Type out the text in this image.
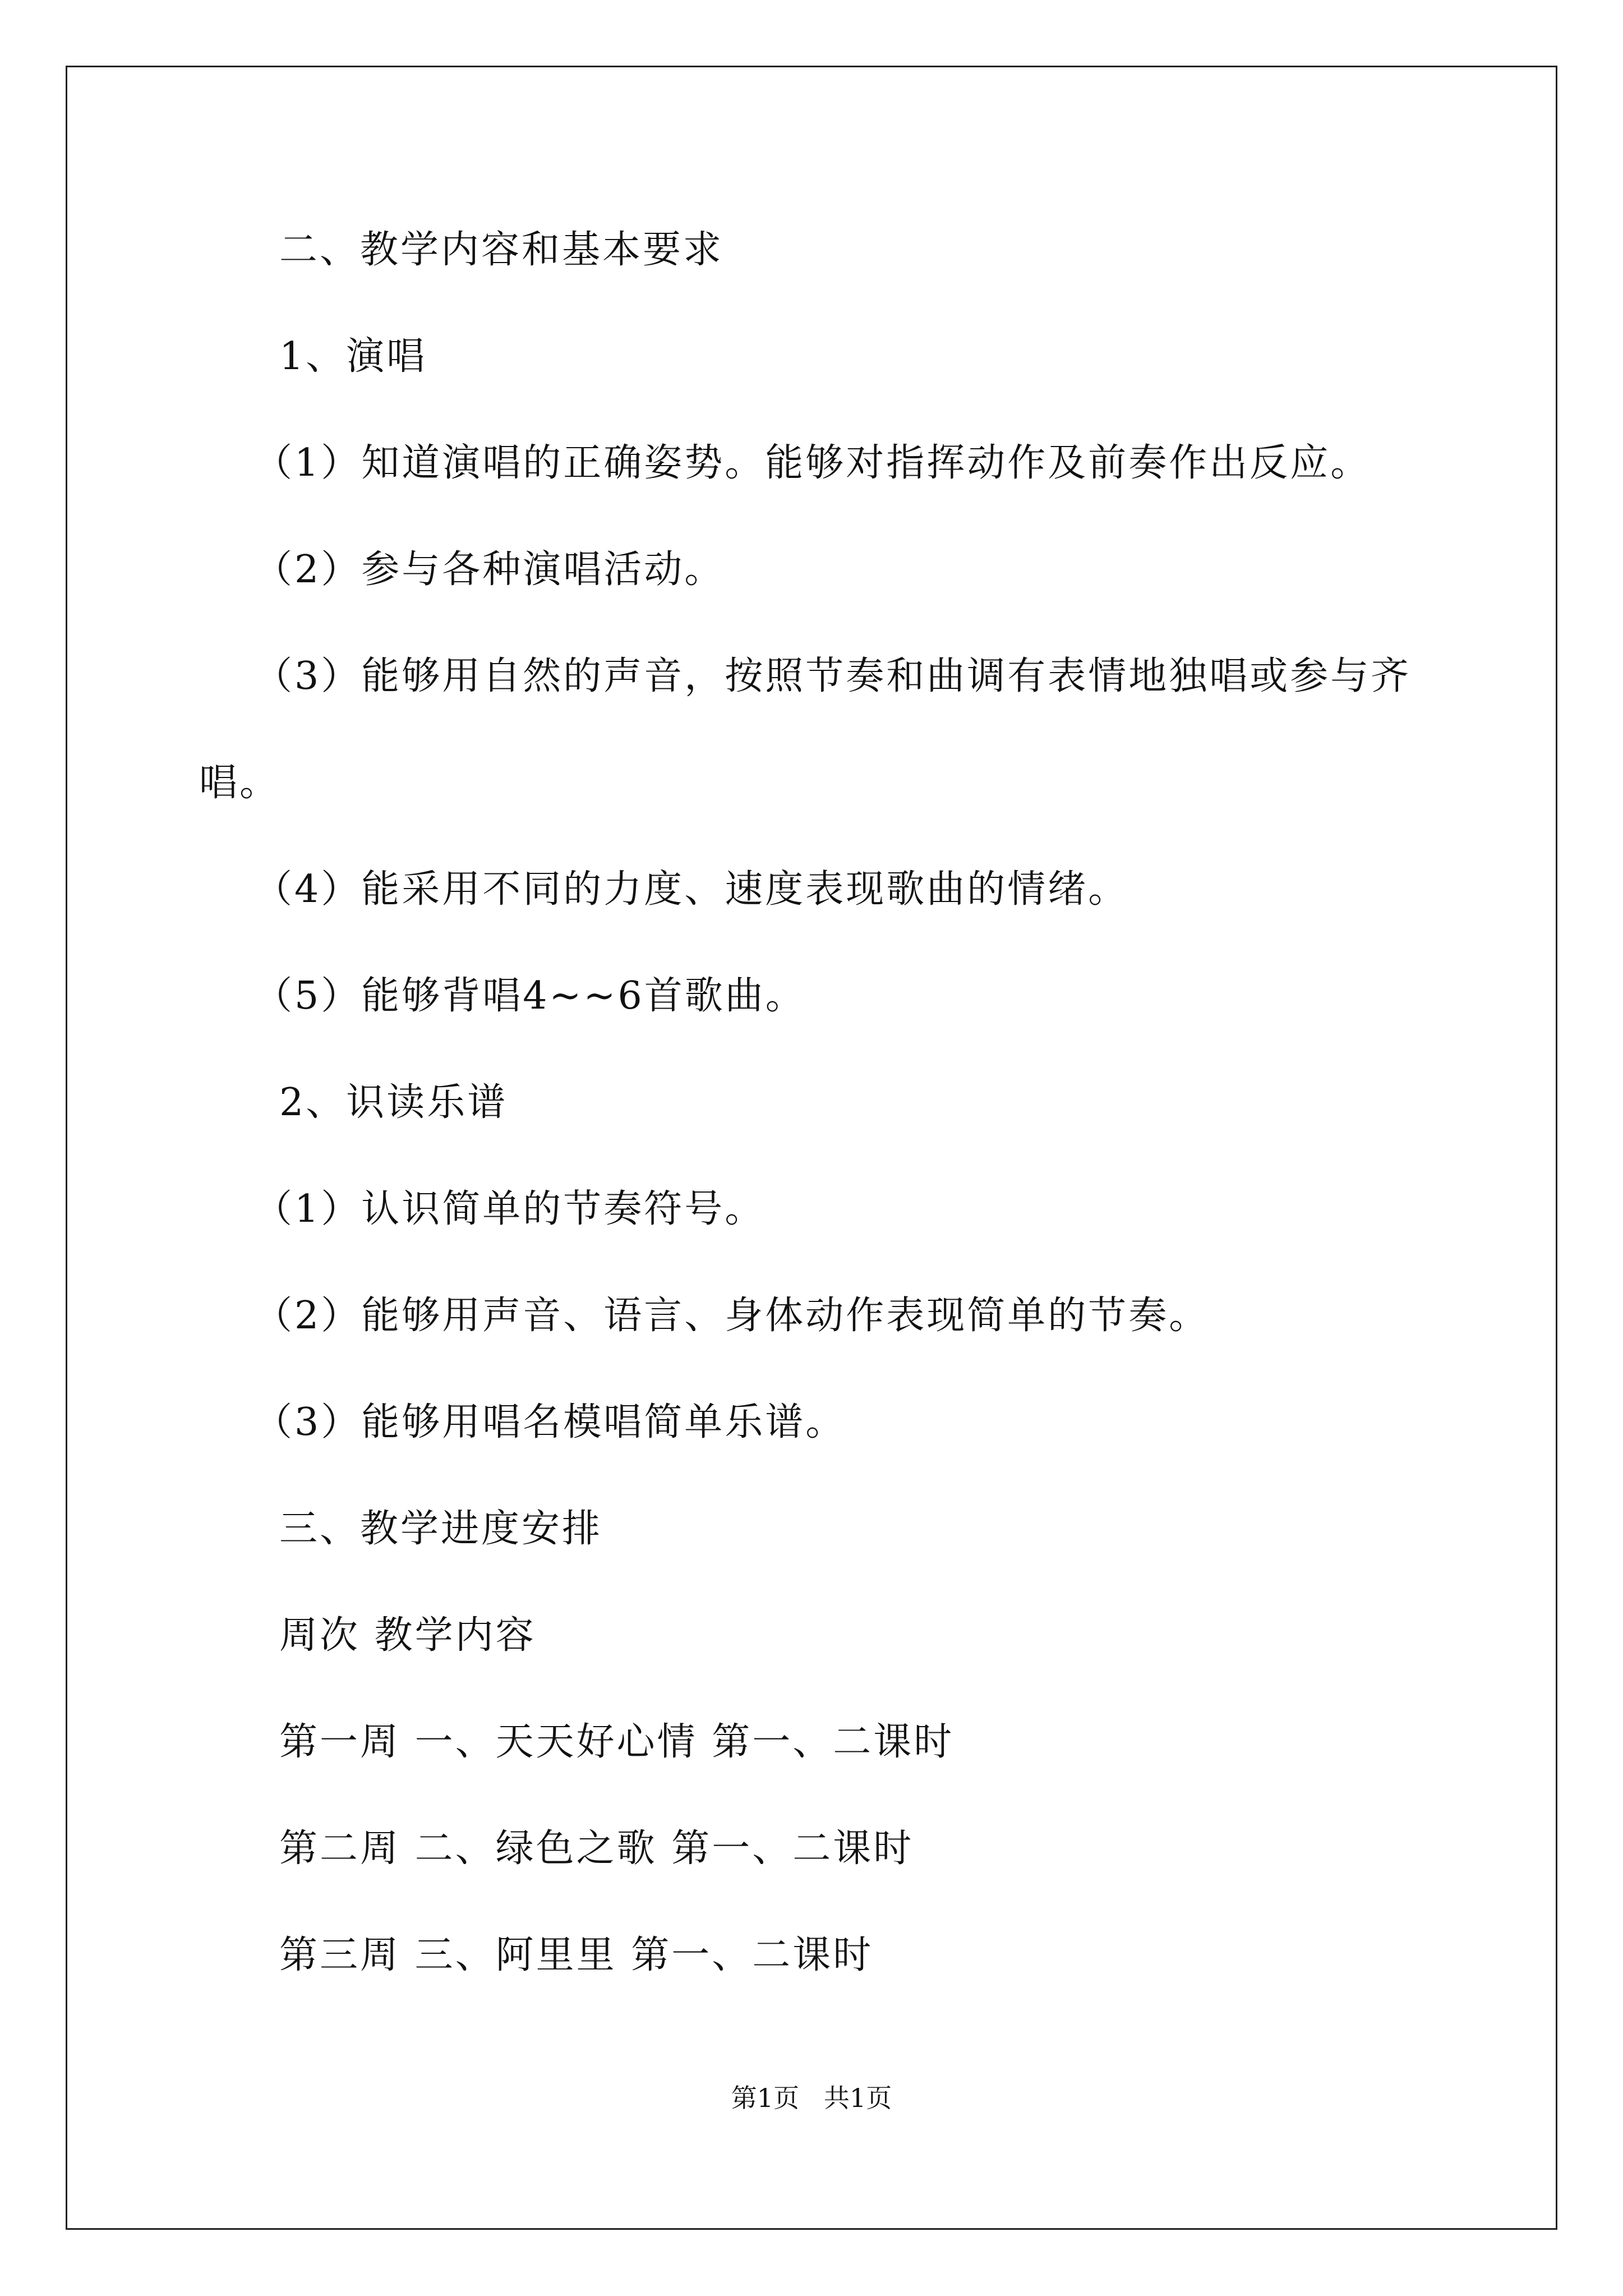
二、教学内容和基本要求
1、演唱
（1）知道演唱的正确姿势。能够对指挥动作及前奏作出反应。
（2）参与各种演唱活动。
（3）能够用自然的声音，按照节奏和曲调有表情地独唱或参与齐
唱。
（4）能采用不同的力度、速度表现歌曲的情绪。
（5）能够背唱4~~6首歌曲。
2、识读乐谱
（1）认识简单的节奏符号。
（2）能够用声音、语言、身体动作表现简单的节奏。
（3）能够用唱名模唱简单乐谱。
三、教学进度安排
周次 教学内容
第一周 一、天天好心情 第一、二课时
第二周 二、绿色之歌 第一、二课时
第三周 三、阿里里 第一、二课时
第1页   共1页
